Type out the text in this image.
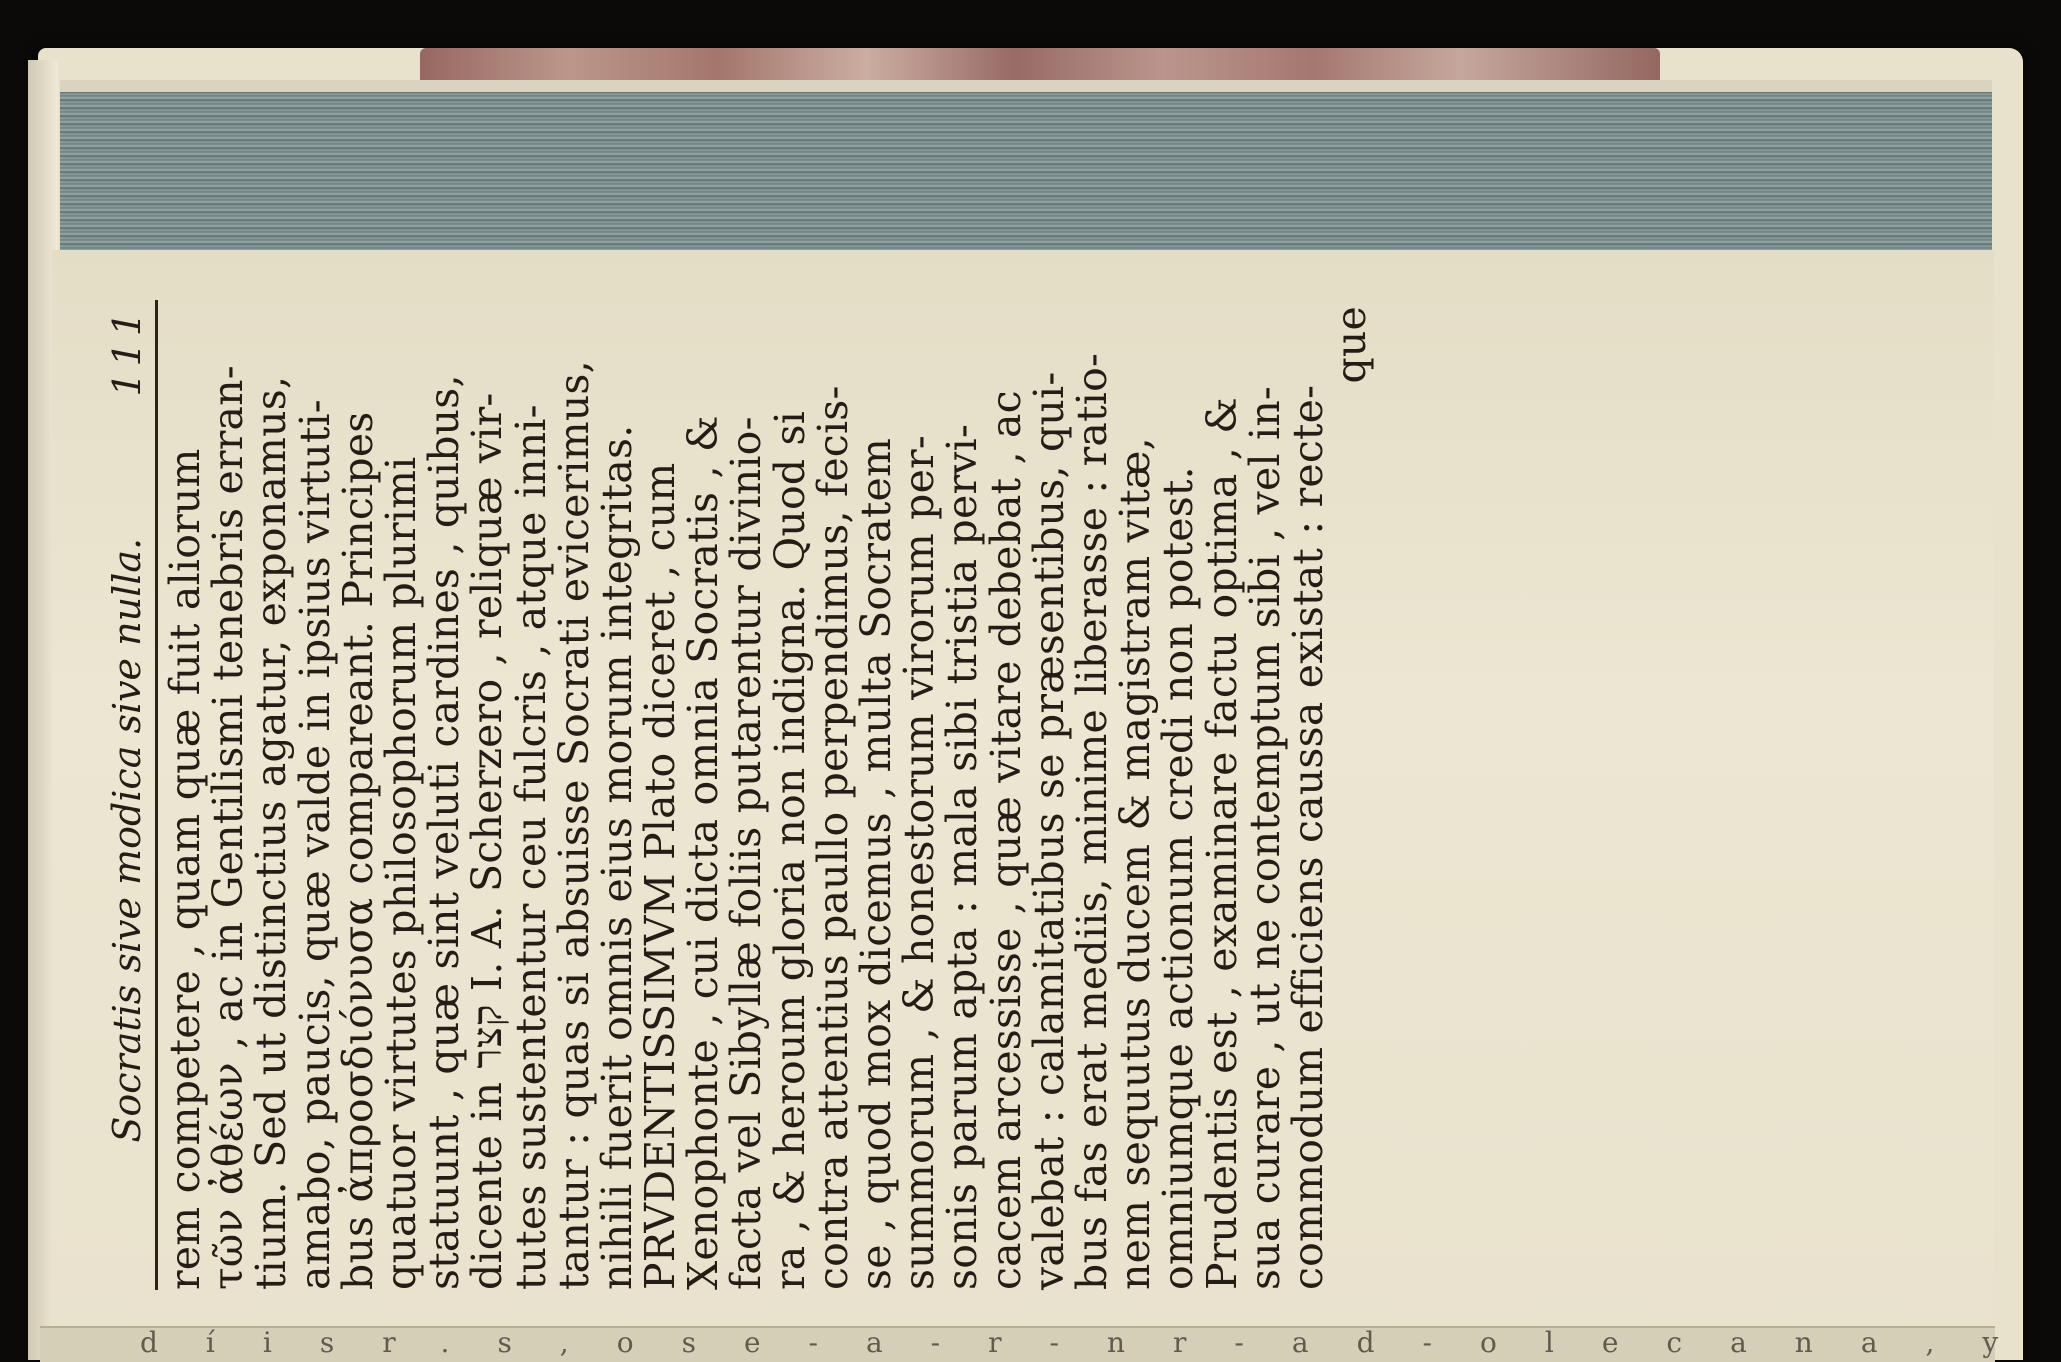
díisr.s,ose-a-r-nr-ad-olecana,y
Socratis sive modica sive nulla.
111
rem competere , quam quæ fuit aliorum
τῶν ἀθέων , ac in Gentilismi tenebris erran-
tium. Sed ut distinctius agatur, exponamus,
amabo, paucis, quæ valde in ipsius virtuti-
bus ἀπροσδιόνυσα compareant. Principes
quatuor virtutes philosophorum plurimi
statuunt , quæ sint veluti cardines , quibus,
dicente in קצר I. A. Scherzero , reliquæ vir-
tutes sustententur ceu fulcris , atque inni-
tantur : quas si absuisse Socrati evicerimus,
nihili fuerit omnis eius morum integritas.
PRVDENTISSIMVM Plato diceret , cum
Xenophonte , cui dicta omnia Socratis , &
facta vel Sibyllæ foliis putarentur divinio-
ra , & heroum gloria non indigna. Quod si
contra attentius paullo perpendimus, fecis-
se , quod mox dicemus , multa Socratem
summorum , & honestorum virorum per-
sonis parum apta : mala sibi tristia pervi-
cacem arcessisse , quæ vitare debebat , ac
valebat : calamitatibus se præsentibus, qui-
bus fas erat mediis, minime liberasse : ratio-
nem sequutus ducem & magistram vitæ,
omniumque actionum credi non potest.
Prudentis est , examinare factu optima , &
sua curare , ut ne contemptum sibi , vel in-
commodum efficiens caussa existat : recte-
que
